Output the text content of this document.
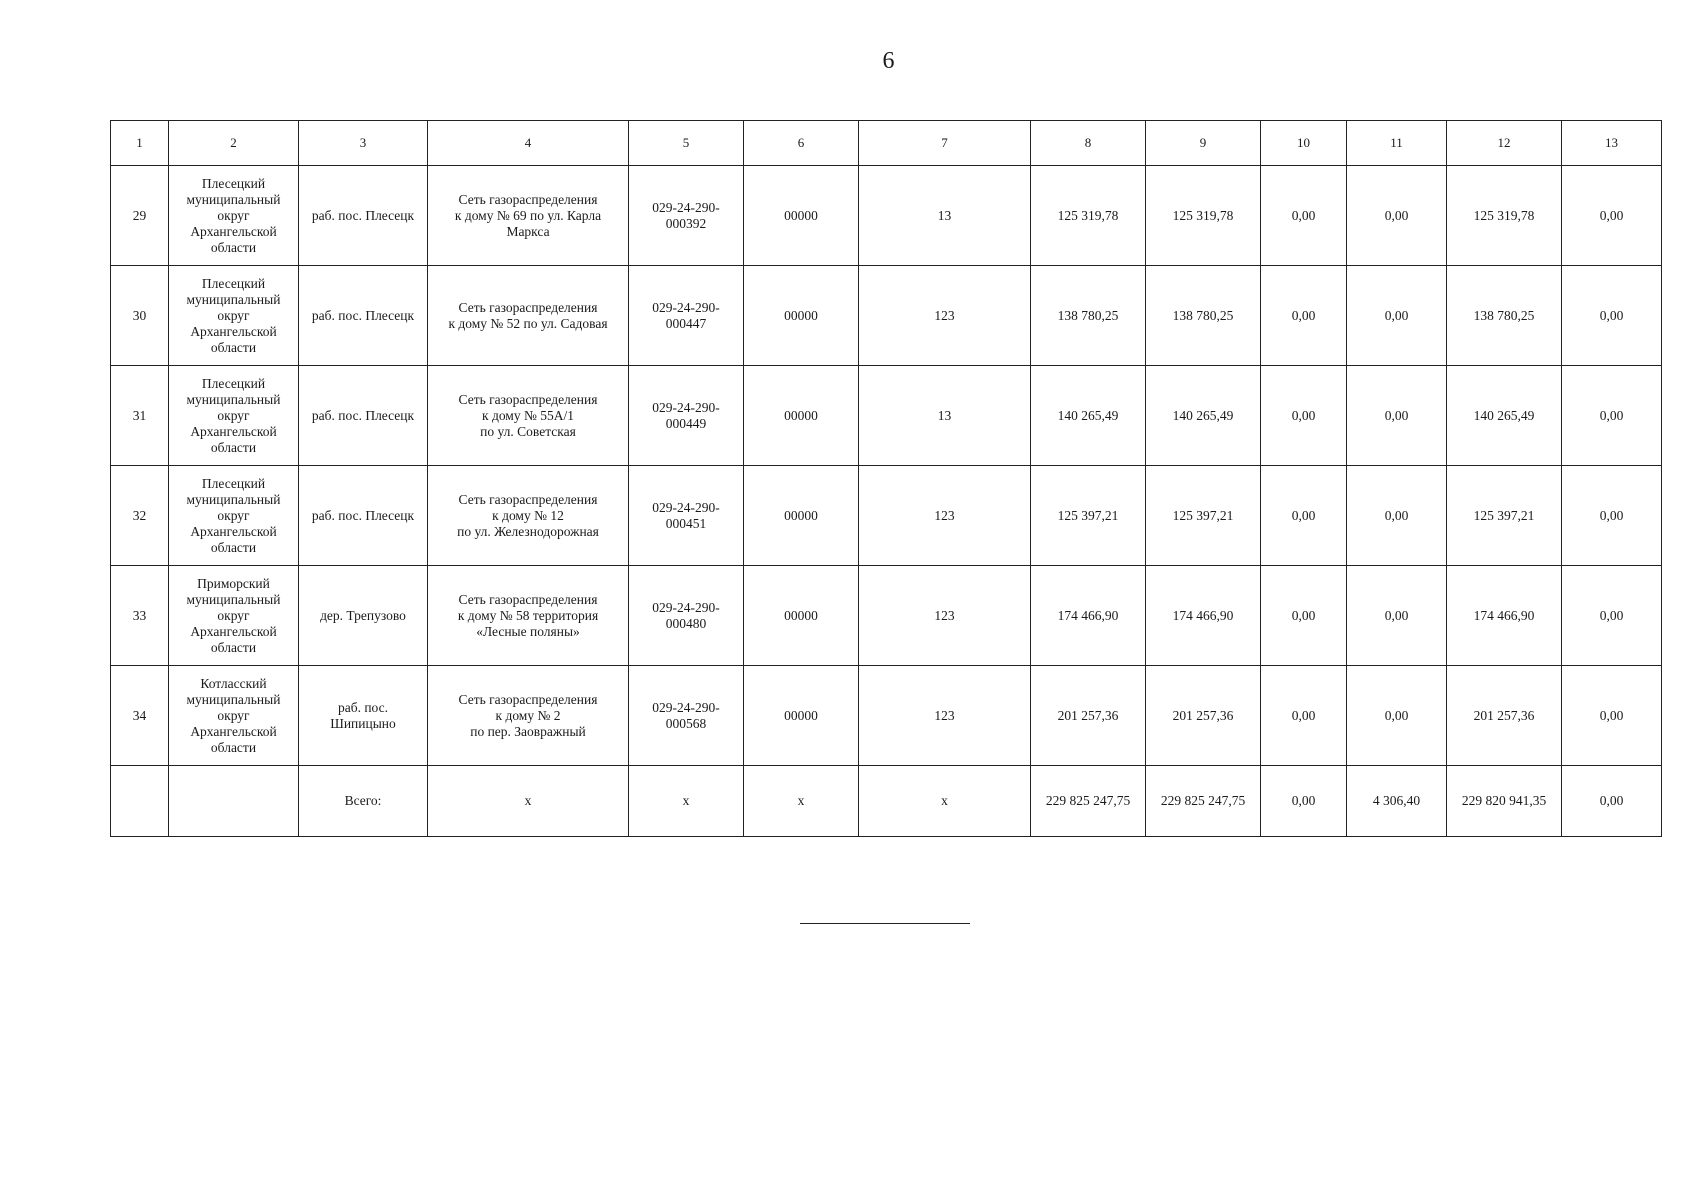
6
1	2	3	4	5	6	7	8	9	10	11	12	13
29	Плесецкий
муниципальный
округ
Архангельской
области	раб. пос. Плесецк	Сеть газораспределения
к дому № 69 по ул. Карла
Маркса	029-24-290-
000392	00000	13	125 319,78	125 319,78	0,00	0,00	125 319,78	0,00
30	Плесецкий
муниципальный
округ
Архангельской
области	раб. пос. Плесецк	Сеть газораспределения
к дому № 52 по ул. Садовая	029-24-290-
000447	00000	123	138 780,25	138 780,25	0,00	0,00	138 780,25	0,00
31	Плесецкий
муниципальный
округ
Архангельской
области	раб. пос. Плесецк	Сеть газораспределения
к дому № 55А/1
по ул. Советская	029-24-290-
000449	00000	13	140 265,49	140 265,49	0,00	0,00	140 265,49	0,00
32	Плесецкий
муниципальный
округ
Архангельской
области	раб. пос. Плесецк	Сеть газораспределения
к дому № 12
по ул. Железнодорожная	029-24-290-
000451	00000	123	125 397,21	125 397,21	0,00	0,00	125 397,21	0,00
33	Приморский
муниципальный
округ
Архангельской
области	дер. Трепузово	Сеть газораспределения
к дому № 58 территория
«Лесные поляны»	029-24-290-
000480	00000	123	174 466,90	174 466,90	0,00	0,00	174 466,90	0,00
34	Котласский
муниципальный
округ
Архангельской
области	раб. пос.
Шипицыно	Сеть газораспределения
к дому № 2
по пер. Заовражный	029-24-290-
000568	00000	123	201 257,36	201 257,36	0,00	0,00	201 257,36	0,00
		Всего:	x	x	x	x	229 825 247,75	229 825 247,75	0,00	4 306,40	229 820 941,35	0,00
